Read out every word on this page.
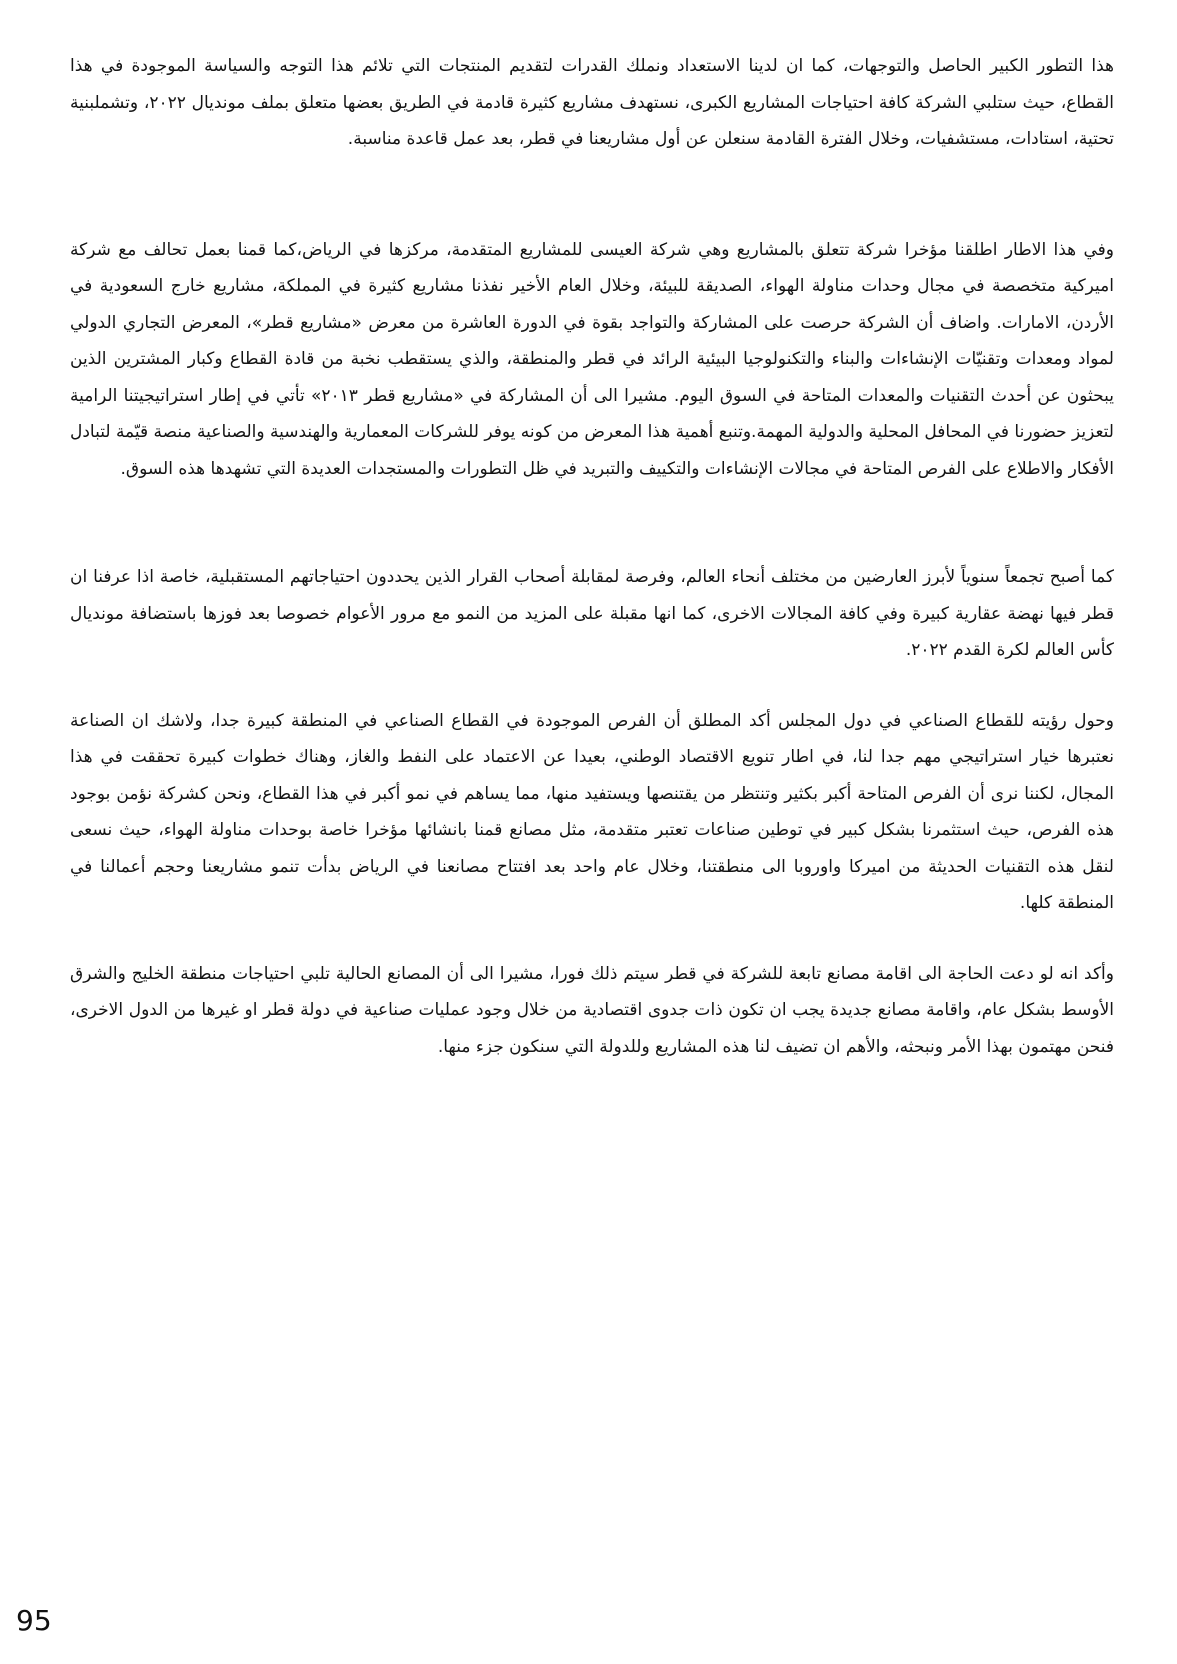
هذا التطور الكبير الحاصل والتوجهات، كما ان لدينا الاستعداد ونملك القدرات لتقديم المنتجات التي تلائم هذا التوجه والسياسة الموجودة في هذا القطاع، حيث ستلبي الشركة كافة احتياجات المشاريع الكبرى، نستهدف مشاريع كثيرة قادمة في الطريق بعضها متعلق بملف مونديال ٢٠٢٢، وتشملبنية تحتية، استادات، مستشفيات، وخلال الفترة القادمة سنعلن عن أول مشاريعنا في قطر، بعد عمل قاعدة مناسبة.

وفي هذا الاطار اطلقنا مؤخرا شركة تتعلق بالمشاريع وهي شركة العيسى للمشاريع المتقدمة، مركزها في الرياض،كما قمنا بعمل تحالف مع شركة اميركية متخصصة في مجال وحدات مناولة الهواء، الصديقة للبيئة، وخلال العام الأخير نفذنا مشاريع كثيرة في المملكة، مشاريع خارج السعودية في الأردن، الامارات. واضاف أن الشركة حرصت على المشاركة والتواجد بقوة في الدورة العاشرة من معرض «مشاريع قطر»، المعرض التجاري الدولي لمواد ومعدات وتقنيّات الإنشاءات والبناء والتكنولوجيا البيئية الرائد في قطر والمنطقة، والذي يستقطب نخبة من قادة القطاع وكبار المشترين الذين يبحثون عن أحدث التقنيات والمعدات المتاحة في السوق اليوم. مشيرا الى أن المشاركة في «مشاريع قطر ٢٠١٣» تأتي في إطار استراتيجيتنا الرامية لتعزيز حضورنا في المحافل المحلية والدولية المهمة.وتنبع أهمية هذا المعرض من كونه يوفر للشركات المعمارية والهندسية والصناعية منصة قيّمة لتبادل الأفكار والاطلاع على الفرص المتاحة في مجالات الإنشاءات والتكييف والتبريد في ظل التطورات والمستجدات العديدة التي تشهدها هذه السوق.

كما أصبح تجمعاً سنوياً لأبرز العارضين من مختلف أنحاء العالم، وفرصة لمقابلة أصحاب القرار الذين يحددون احتياجاتهم المستقبلية، خاصة اذا عرفنا ان قطر فيها نهضة عقارية كبيرة وفي كافة المجالات الاخرى، كما انها مقبلة على المزيد من النمو مع مرور الأعوام خصوصا بعد فوزها باستضافة مونديال كأس العالم لكرة القدم ٢٠٢٢.

وحول رؤيته للقطاع الصناعي في دول المجلس أكد المطلق أن الفرص الموجودة في القطاع الصناعي في المنطقة كبيرة جدا، ولاشك ان الصناعة نعتبرها خيار استراتيجي مهم جدا لنا، في اطار تنويع الاقتصاد الوطني، بعيدا عن الاعتماد على النفط والغاز، وهناك خطوات كبيرة تحققت في هذا المجال، لكننا نرى أن الفرص المتاحة أكبر بكثير وتنتظر من يقتنصها ويستفيد منها، مما يساهم في نمو أكبر في هذا القطاع، ونحن كشركة نؤمن بوجود هذه الفرص، حيث استثمرنا بشكل كبير في توطين صناعات تعتبر متقدمة، مثل مصانع قمنا بانشائها مؤخرا خاصة بوحدات مناولة الهواء، حيث نسعى لنقل هذه التقنيات الحديثة من اميركا واوروبا الى منطقتنا، وخلال عام واحد بعد افتتاح مصانعنا في الرياض بدأت تنمو مشاريعنا وحجم أعمالنا في المنطقة كلها.

وأكد انه لو دعت الحاجة الى اقامة مصانع تابعة للشركة في قطر سيتم ذلك فورا، مشيرا الى أن المصانع الحالية تلبي احتياجات منطقة الخليج والشرق الأوسط بشكل عام، واقامة مصانع جديدة يجب ان تكون ذات جدوى اقتصادية من خلال وجود عمليات صناعية في دولة قطر او غيرها من الدول الاخرى، فنحن مهتمون بهذا الأمر ونبحثه، والأهم ان تضيف لنا هذه المشاريع وللدولة التي سنكون جزء منها.

95
